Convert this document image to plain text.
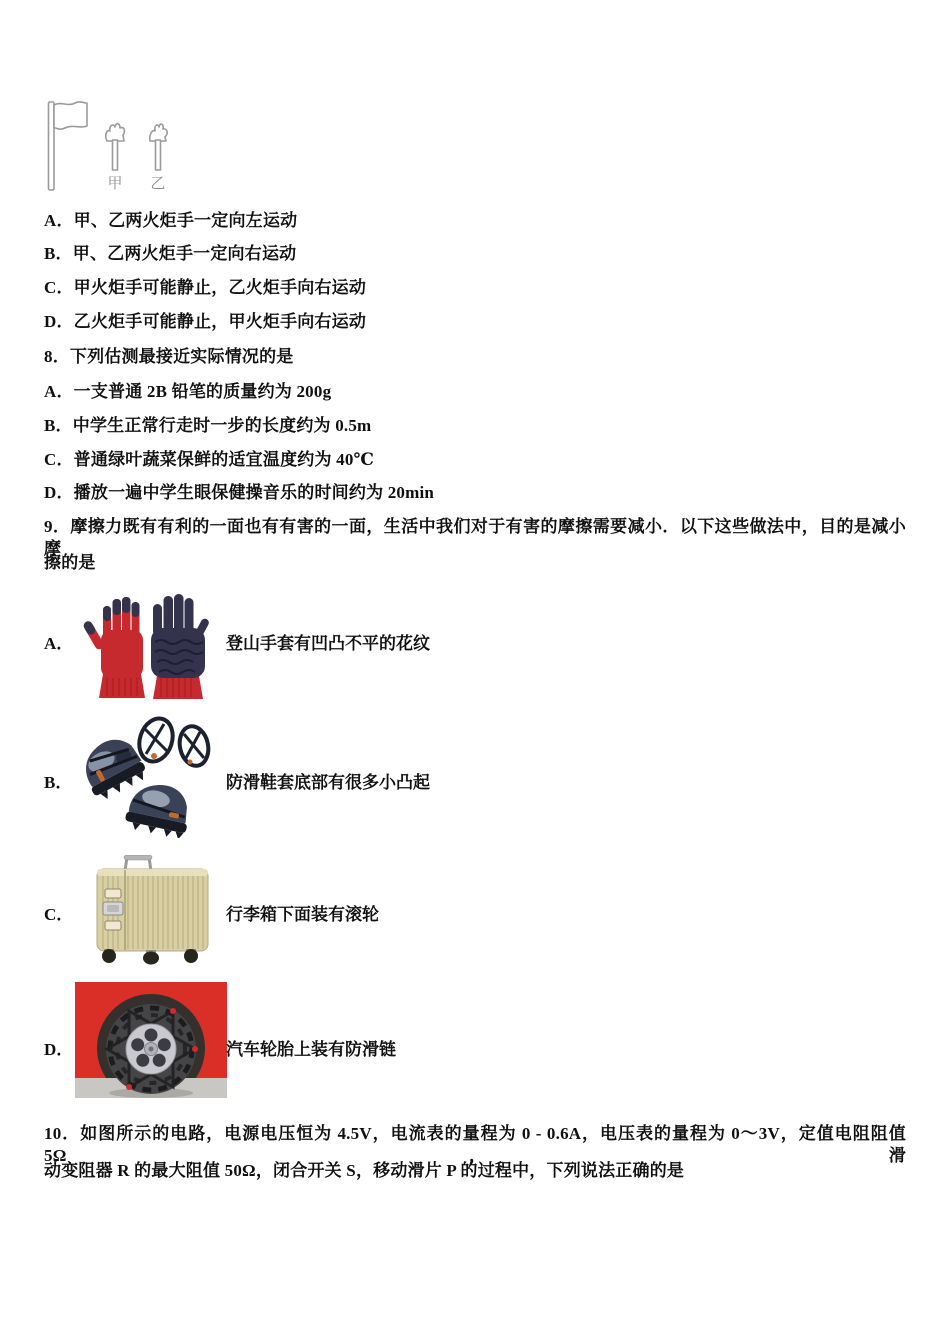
甲 乙
A．甲、乙两火炬手一定向左运动
B．甲、乙两火炬手一定向右运动
C．甲火炬手可能静止，乙火炬手向右运动
D．乙火炬手可能静止，甲火炬手向右运动
8．下列估测最接近实际情况的是
A．一支普通 2B 铅笔的质量约为 200g
B．中学生正常行走时一步的长度约为 0.5m
C．普通绿叶蔬菜保鲜的适宜温度约为 40℃
D．播放一遍中学生眼保健操音乐的时间约为 20min
9．摩擦力既有有利的一面也有有害的一面，生活中我们对于有害的摩擦需要减小．以下这些做法中，目的是减小摩
擦的是
A．	登山手套有凹凸不平的花纹
B．	防滑鞋套底部有很多小凸起
C．	行李箱下面装有滚轮
D．	汽车轮胎上装有防滑链
10．如图所示的电路，电源电压恒为 4.5V，电流表的量程为 0 - 0.6A，电压表的量程为 0～3V，定值电阻阻值 5Ω，滑
动变阻器 R 的最大阻值 50Ω，闭合开关 S，移动滑片 P 的过程中，下列说法正确的是
